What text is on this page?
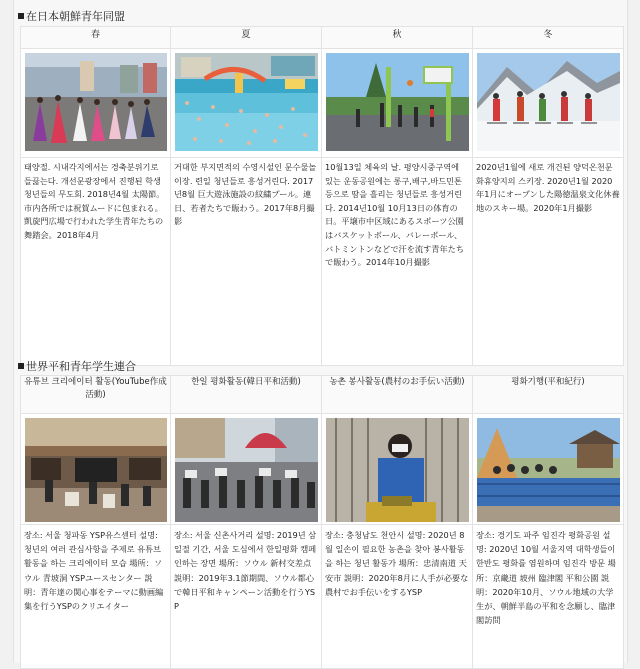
在日本朝鮮青年同盟
春	夏	秋	冬

태양절. 시내각지에서는 경축분위기로 들끓는다. 개선문광장에서 진행된 학생청년들의 무도회. 2018년4월 太陽節。市内各所では祝賀ムードに包まれる。凱旋門広場で行われた学生青年たちの舞踏会。2018年4月	거대한 부지면적의 수영시설인 문수물놀이장. 련일 청년들로 흥성거린다. 2017년8월 巨大遊泳施設の紋繍プール。連日、若者たちで賑わう。2017年8月撮影	10월13일 체육의 날. 평양시중구역에 있는 운동공원에는 롱구,배구,바드민톤 등으로 땀을 흘리는 청년들로 흥성거린다. 2014년10월 10月13日の体育の日。平壌市中区域にあるスポーツ公園はバスケットボール、バレーボール、バトミントンなどで汗を流す青年たちで賑わう。2014年10月撮影	2020년1월에 새로 개건된 양덕온천문화휴양지의 스키장. 2020년1월 2020年1月にオープンした陽徳温泉文化休養地のスキー場。2020年1月撮影
世界平和青年学生連合
유튜브 크리에이터 활동(YouTube作成活動)	한일 평화활동(韓日平和活動)	농촌 봉사활동(農村のお手伝い活動)	평화기행(平和紀行)

장소: 서울 청파동 YSP유스센터 설명: 청년의 여러 관심사항을 주제로 유튜브 활동을 하는 크리에이터 모습 場所：ソウル 青坡洞 YSPユースセンター 説明：青年達の関心事をテーマに動画編集を行うYSPのクリエイター	장소: 서울 신촌사거리 설명: 2019년 삼일절 기간, 서울 도심에서 한일평화 캠페인하는 장면 場所：ソウル 新村交差点 説明：2019年3.1節期間、ソウル都心で韓日平和キャンペーン活動を行うYSP	장소: 충청남도 천안시 설명: 2020년 8월 일손이 필요한 농촌을 찾아 봉사활동을 하는 청년 활동가 場所：忠清南道 天安市 説明：2020年8月に人手が必要な農村でお手伝いをするYSP	장소: 경기도 파주 임진각 평화공원 설명: 2020년 10월 서울지역 대학생들이 한반도 평화를 염원하며 임진각 방문 場所：京畿道 坡州 臨津閣 平和公園 説明：2020年10月、ソウル地域の大学生が、朝鮮半島の平和を念願し、臨津閣訪問
